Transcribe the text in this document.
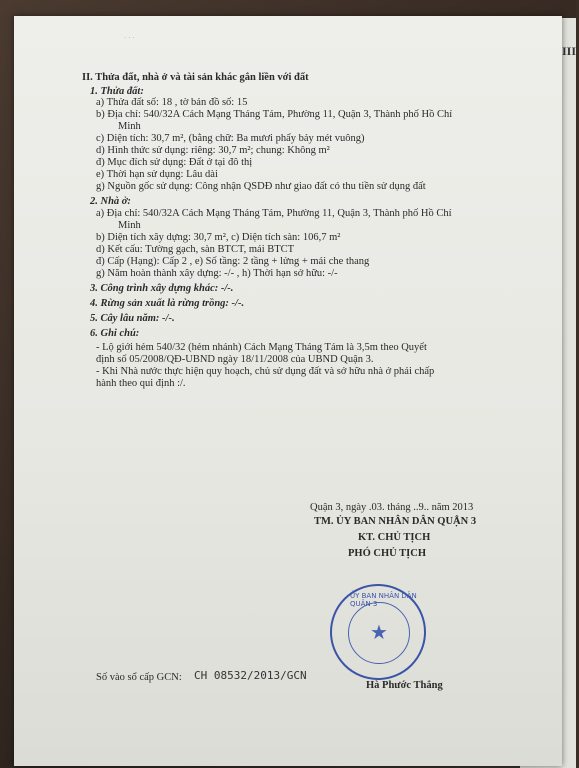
III.
· · ·
II. Thửa đất, nhà ở và tài sản khác gắn liền với đất
1. Thửa đất:
a) Thửa đất số: 18 , tờ bản đồ số: 15
b) Địa chỉ: 540/32A Cách Mạng Tháng Tám, Phường 11, Quận 3, Thành phố Hồ Chí
Minh
c) Diện tích: 30,7 m², (bằng chữ: Ba mươi phẩy bảy mét vuông)
d) Hình thức sử dụng: riêng: 30,7 m²; chung: Không m²
đ) Mục đích sử dụng: Đất ở tại đô thị
e) Thời hạn sử dụng: Lâu dài
g) Nguồn gốc sử dụng: Công nhận QSDĐ như giao đất có thu tiền sử dụng đất
2. Nhà ở:
a) Địa chỉ: 540/32A Cách Mạng Tháng Tám, Phường 11, Quận 3, Thành phố Hồ Chí
Minh
b) Diện tích xây dựng: 30,7 m², c) Diện tích sàn: 106,7 m²
d) Kết cấu: Tường gạch, sàn BTCT, mái BTCT
đ) Cấp (Hạng): Cấp 2 , e) Số tầng: 2 tầng + lửng + mái che thang
g) Năm hoàn thành xây dựng: -/- , h) Thời hạn sở hữu: -/-
3. Công trình xây dựng khác: -/-.
4. Rừng sản xuất là rừng trồng: -/-.
5. Cây lâu năm: -/-.
6. Ghi chú:
- Lộ giới hẻm 540/32 (hẻm nhánh) Cách Mạng Tháng Tám là 3,5m theo Quyết
định số 05/2008/QĐ-UBND ngày 18/11/2008 của UBND Quận 3.
- Khi Nhà nước thực hiện quy hoạch, chủ sử dụng đất và sở hữu nhà ở phải chấp
hành theo qui định :/.
Quận 3, ngày .03. tháng ..9.. năm 2013
TM. ỦY BAN NHÂN DÂN QUẬN 3
KT. CHỦ TỊCH
PHÓ CHỦ TỊCH
★
ỦY BAN NHÂN DÂN QUẬN 3
Số vào sổ cấp GCN: CH 08532/2013/GCN
Hà Phước Thắng
